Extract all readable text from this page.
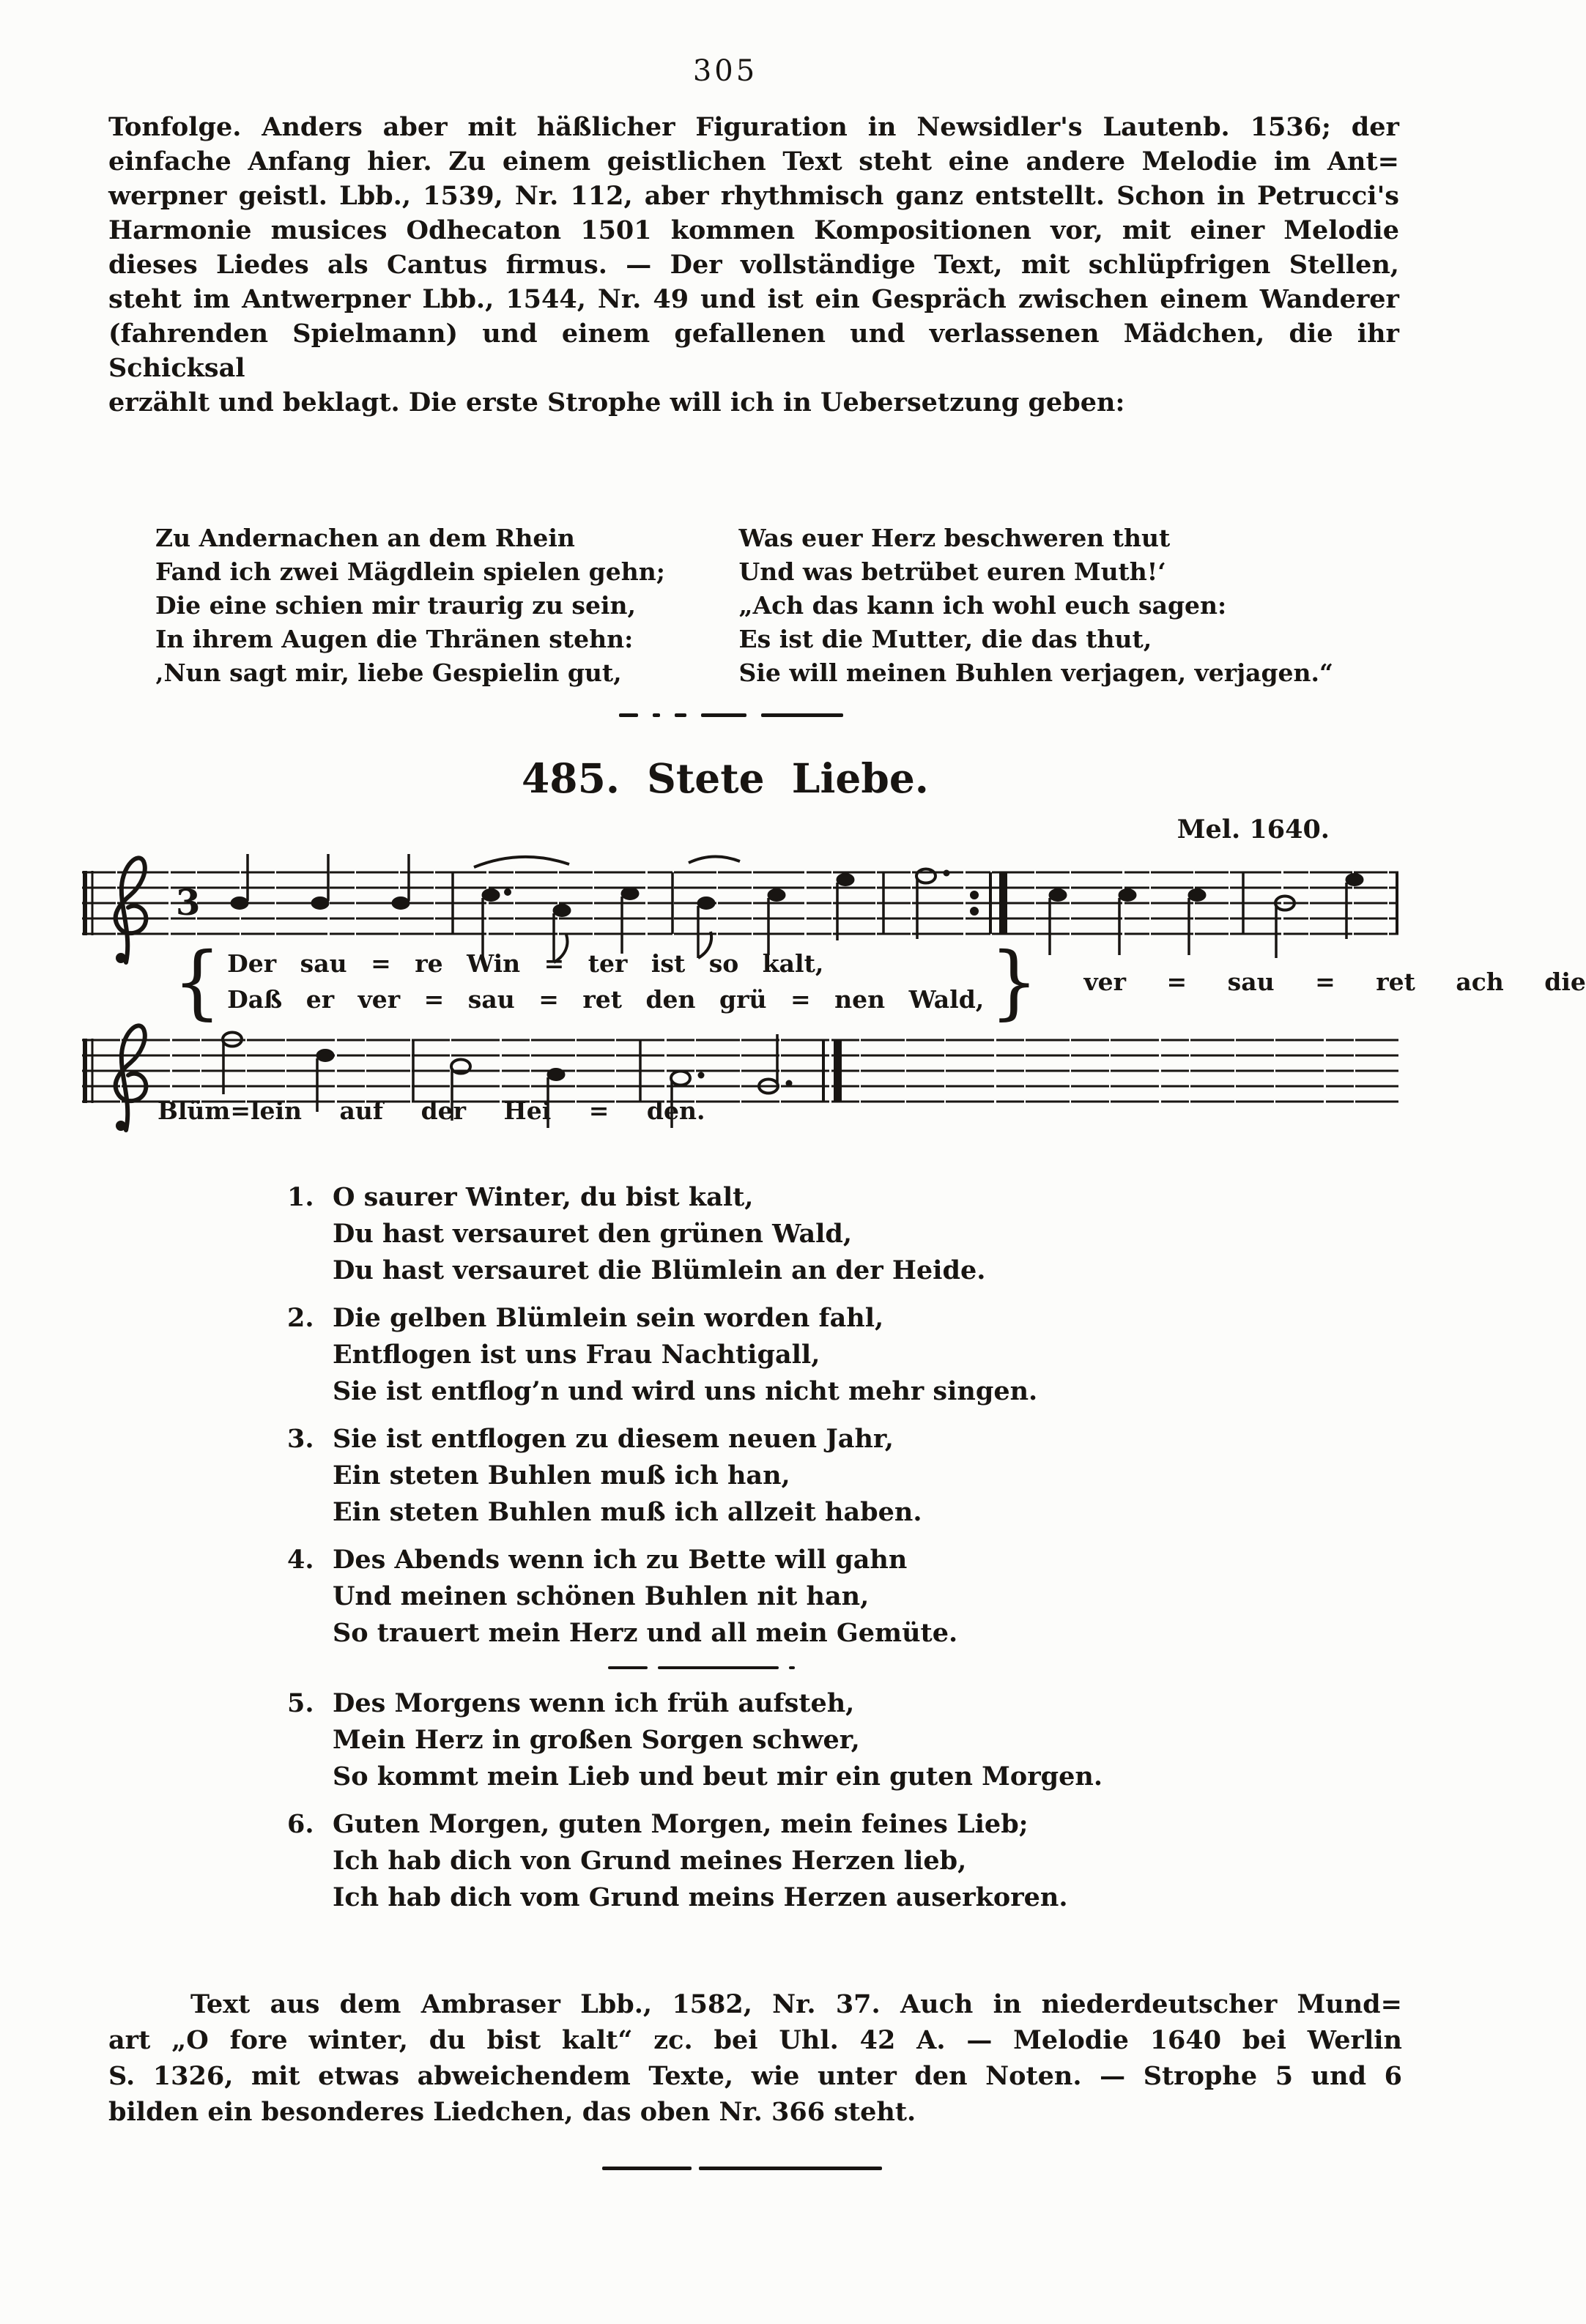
305
Tonfolge. Anders aber mit häßlicher Figuration in Newsidler's Lautenb. 1536; der
einfache Anfang hier. Zu einem geistlichen Text steht eine andere Melodie im Ant=
werpner geistl. Lbb., 1539, Nr. 112, aber rhythmisch ganz entstellt. Schon in Petrucci's
Harmonie musices Odhecaton 1501 kommen Kompositionen vor, mit einer Melodie
dieses Liedes als Cantus firmus. — Der vollständige Text, mit schlüpfrigen Stellen,
steht im Antwerpner Lbb., 1544, Nr. 49 und ist ein Gespräch zwischen einem Wanderer
(fahrenden Spielmann) und einem gefallenen und verlassenen Mädchen, die ihr Schicksal
erzählt und beklagt. Die erste Strophe will ich in Uebersetzung geben:
Zu Andernachen an dem Rhein
Fand ich zwei Mägdlein spielen gehn;
Die eine schien mir traurig zu sein,
In ihrem Augen die Thränen stehn:
‚Nun sagt mir, liebe Gespielin gut,
Was euer Herz beschweren thut
Und was betrübet euren Muth!‘
„Ach das kann ich wohl euch sagen:
Es ist die Mutter, die das thut,
Sie will meinen Buhlen verjagen, verjagen.“
485. Stete Liebe.
Mel. 1640.
3
{ Der sau = re Win = ter ist so kalt,
Daß er ver = sau = ret den grü = nen Wald, } ver = sau = ret ach die
Blüm=lein auf der Hei = den.
1. O saurer Winter, du bist kalt,
Du hast versauret den grünen Wald,
Du hast versauret die Blümlein an der Heide.
2. Die gelben Blümlein sein worden fahl,
Entflogen ist uns Frau Nachtigall,
Sie ist entflog’n und wird uns nicht mehr singen.
3. Sie ist entflogen zu diesem neuen Jahr,
Ein steten Buhlen muß ich han,
Ein steten Buhlen muß ich allzeit haben.
4. Des Abends wenn ich zu Bette will gahn
Und meinen schönen Buhlen nit han,
So trauert mein Herz und all mein Gemüte.
5. Des Morgens wenn ich früh aufsteh,
Mein Herz in großen Sorgen schwer,
So kommt mein Lieb und beut mir ein guten Morgen.
6. Guten Morgen, guten Morgen, mein feines Lieb;
Ich hab dich von Grund meines Herzen lieb,
Ich hab dich vom Grund meins Herzen auserkoren.
Text aus dem Ambraser Lbb., 1582, Nr. 37. Auch in niederdeutscher Mund=
art „O fore winter, du bist kalt“ zc. bei Uhl. 42 A. — Melodie 1640 bei Werlin
S. 1326, mit etwas abweichendem Texte, wie unter den Noten. — Strophe 5 und 6
bilden ein besonderes Liedchen, das oben Nr. 366 steht.
